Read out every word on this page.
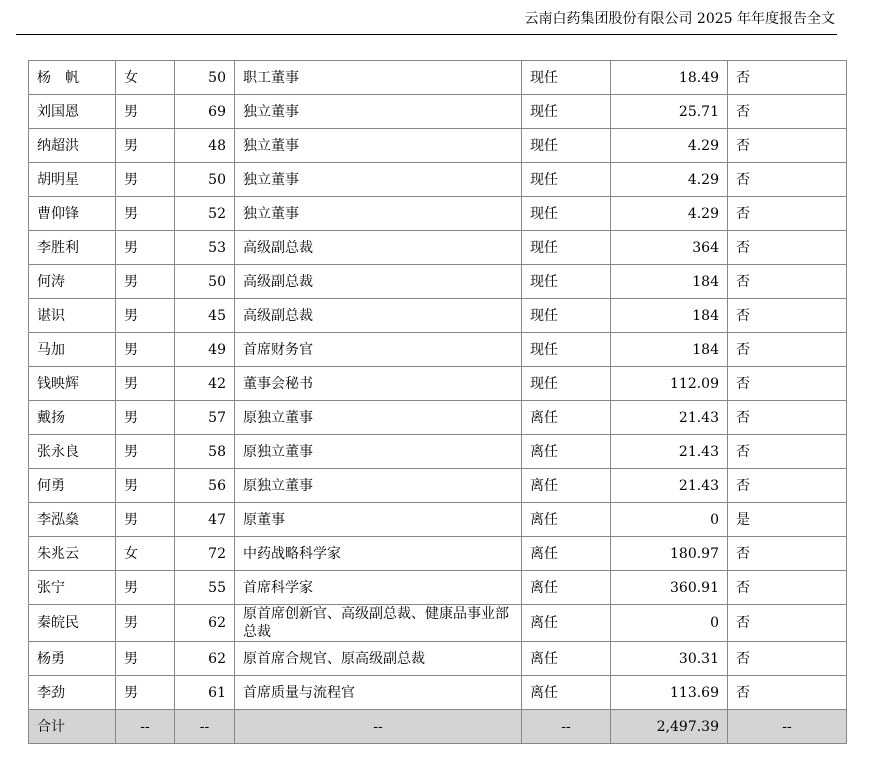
云南白药集团股份有限公司 2025 年年度报告全文
杨　帆	女	50	职工董事	现任	18.49	否
刘国恩	男	69	独立董事	现任	25.71	否
纳超洪	男	48	独立董事	现任	4.29	否
胡明星	男	50	独立董事	现任	4.29	否
曹仰锋	男	52	独立董事	现任	4.29	否
李胜利	男	53	高级副总裁	现任	364	否
何涛	男	50	高级副总裁	现任	184	否
谌识	男	45	高级副总裁	现任	184	否
马加	男	49	首席财务官	现任	184	否
钱映辉	男	42	董事会秘书	现任	112.09	否
戴扬	男	57	原独立董事	离任	21.43	否
张永良	男	58	原独立董事	离任	21.43	否
何勇	男	56	原独立董事	离任	21.43	否
李泓燊	男	47	原董事	离任	0	是
朱兆云	女	72	中药战略科学家	离任	180.97	否
张宁	男	55	首席科学家	离任	360.91	否
秦皖民	男	62	原首席创新官、高级副总裁、健康品事业部总裁	离任	0	否
杨勇	男	62	原首席合规官、原高级副总裁	离任	30.31	否
李劲	男	61	首席质量与流程官	离任	113.69	否
合计	--	--	--	--	2,497.39	--
